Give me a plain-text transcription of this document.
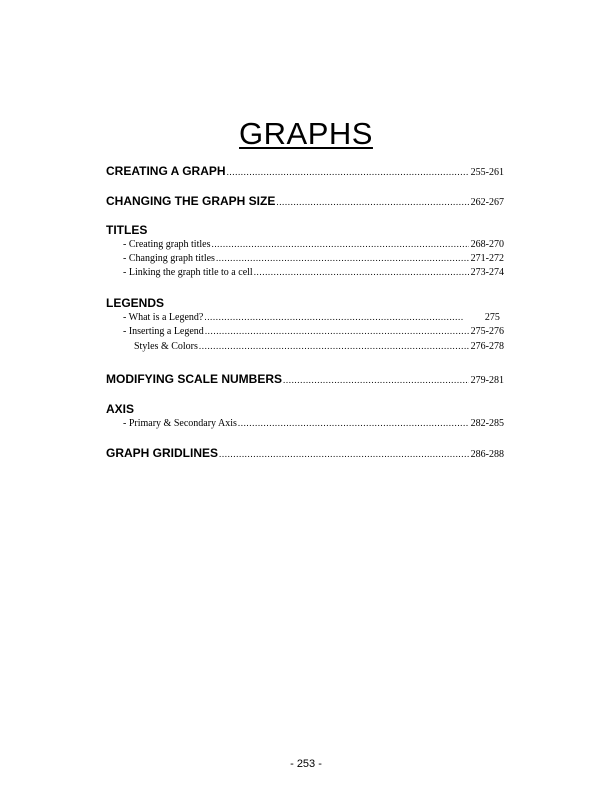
GRAPHS
CREATING A GRAPH .....	255-261
CHANGING THE GRAPH SIZE .....	262-267
TITLES
- Creating graph titles .....	268-270
- Changing graph titles .....	271-272
- Linking the graph title to a cell .....	273-274
LEGENDS
- What is a Legend? .....	275
- Inserting a Legend .....	275-276
Styles & Colors .....	276-278
MODIFYING SCALE NUMBERS .....	279-281
AXIS
- Primary & Secondary Axis .....	282-285
GRAPH GRIDLINES .....	286-288
- 253 -
